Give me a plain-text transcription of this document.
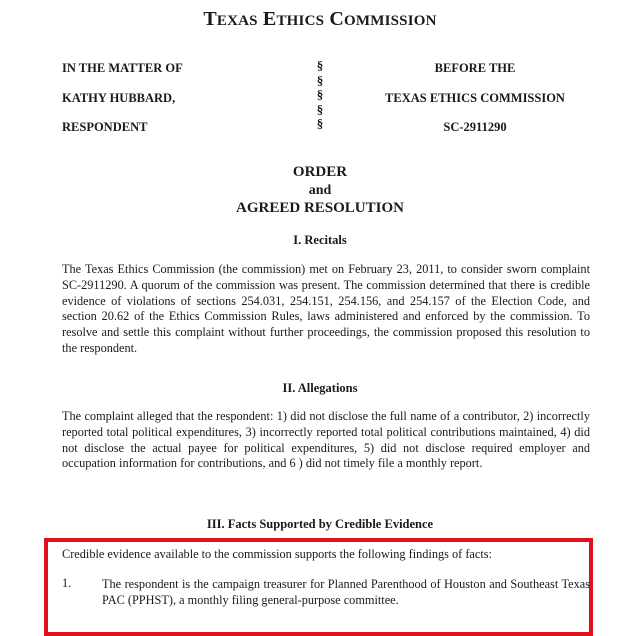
TEXAS ETHICS COMMISSION
IN THE MATTER OF
KATHY HUBBARD,
RESPONDENT
§
§
§
§
§
BEFORE THE
TEXAS ETHICS COMMISSION
SC-2911290
ORDER
and
AGREED RESOLUTION
I. Recitals
The Texas Ethics Commission (the commission) met on February 23, 2011, to consider sworn complaint SC-2911290. A quorum of the commission was present. The commission determined that there is credible evidence of violations of sections 254.031, 254.151, 254.156, and 254.157 of the Election Code, and section 20.62 of the Ethics Commission Rules, laws administered and enforced by the commission. To resolve and settle this complaint without further proceedings, the commission proposed this resolution to the respondent.
II. Allegations
The complaint alleged that the respondent: 1) did not disclose the full name of a contributor, 2) incorrectly reported total political expenditures, 3) incorrectly reported total political contributions maintained, 4) did not disclose the actual payee for political expenditures, 5) did not disclose required employer and occupation information for contributions, and 6 ) did not timely file a monthly report.
III. Facts Supported by Credible Evidence
Credible evidence available to the commission supports the following findings of facts:
1.	The respondent is the campaign treasurer for Planned Parenthood of Houston and Southeast Texas PAC (PPHST), a monthly filing general-purpose committee.
